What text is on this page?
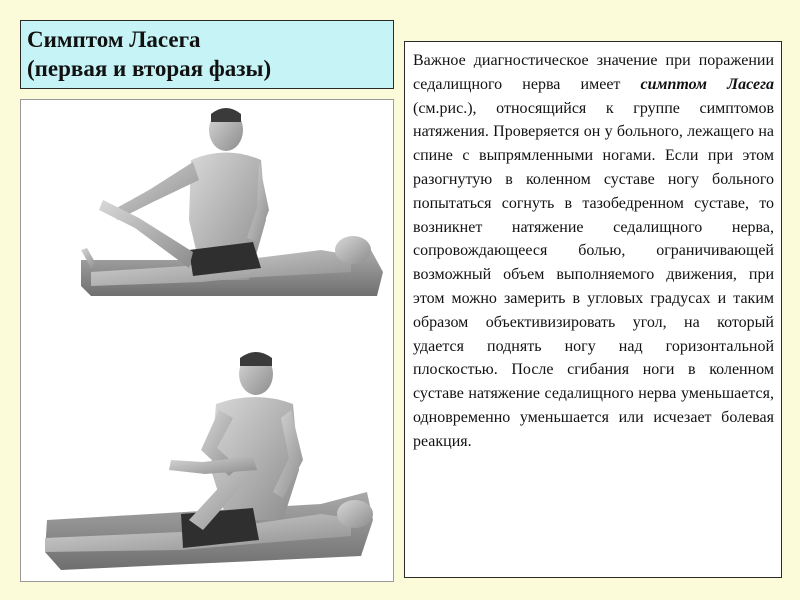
Симптом Ласега
(первая и вторая фазы)	Важное диагностическое значение при поражении седалищного нерва имеет симптом Ласега (см.рис.), относящийся к группе симптомов натяжения. Проверяется он у больного, лежащего на спине с выпрямленными ногами. Если при этом разогнутую в коленном суставе ногу больного попытаться согнуть в тазобедренном суставе, то возникнет натяжение седалищного нерва, сопровождающееся болью, ограничивающей возможный объем выполняемого движения, при этом можно замерить в угловых градусах и таким образом объективизировать угол, на который удается поднять ногу над горизонтальной плоскостью. После сгибания ноги в коленном суставе натяжение седалищного нерва уменьшается, одновременно уменьшается или исчезает болевая реакция.
